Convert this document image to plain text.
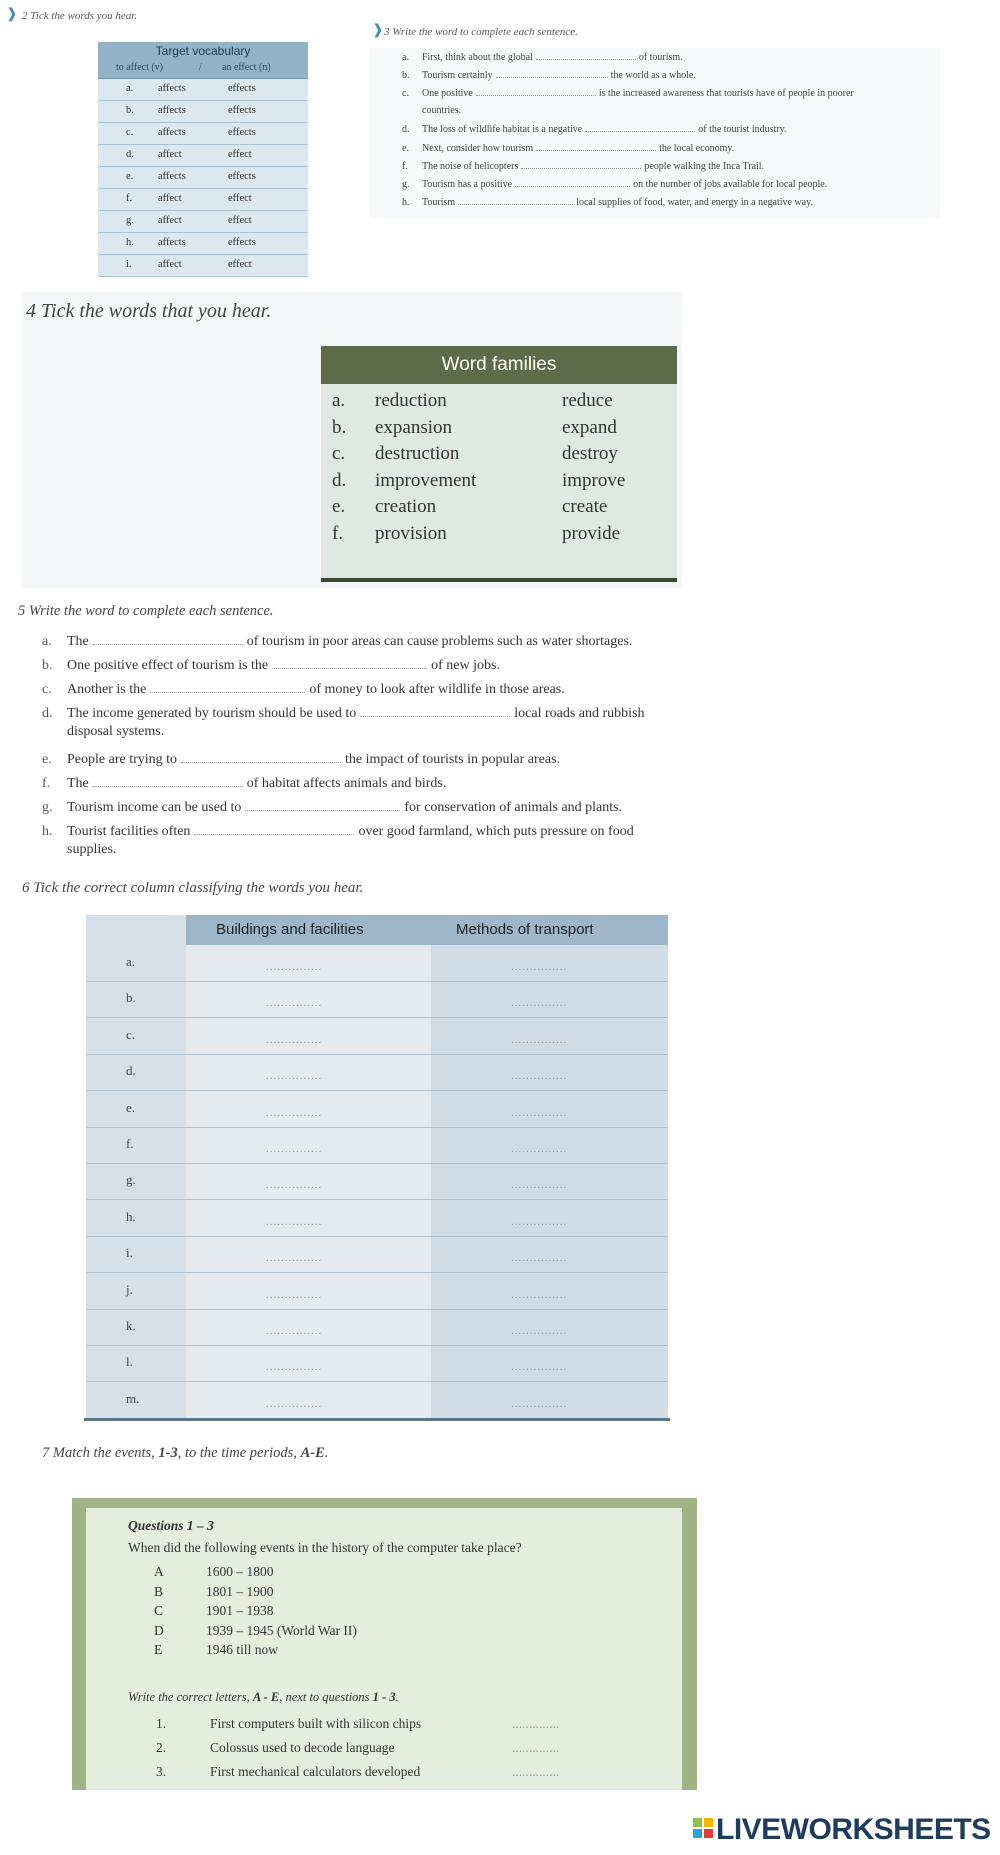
❱ 2 Tick the words you hear.
Target vocabulary
to affect (v)	/ an effect (n)
a. affects	effects
b. affects	effects
c. affects	effects
d. affect	effect
e. affects	effects
f. affect	effect
g. affect	effect
h. affects	effects
i.	affect	effect
❱ 3 Write the word to complete each sentence.
4 Tick the words that you hear.
Word families
a. reduction	reduce
b. expansion	expand
c. destruction	destroy
d. improvement	improve
e. creation	create
f. provision	provide
5 Write the word to complete each sentence.
a. The	of tourism in poor areas can cause problems such as water shortages.
b. One positive effect of tourism is the	of new jobs.
c. Another is the	of money to look after wildlife in those areas.
d. The income generated by tourism should be used to	local roads and rubbish
disposal systems.
e. People are trying to	the impact of tourists in popular areas.
f. The	of habitat affects animals and birds.
g. Tourism income can be used to	for conservation of animals and plants.
h. Tourist facilities often	over good farmland, which puts pressure on food
supplies.
6 Tick the correct column classifying the words you hear.
Buildings and facilities	Methods of transport
a.	...............	...............
b.	...............	...............
c.	...............	...............
d.	...............	...............
e.	...............	...............
f.	...............	...............
g.	...............	...............
h.	...............	...............
i.	...............	...............
j.	...............	...............
k.	...............	...............
l.	...............	...............
m.	...............	...............
7 Match the events, 1-3, to the time periods, A-E.
Questions 1 – 3
When did the following events in the history of the computer take place?
A	1600 – 1800
B	1801 – 1900
C	1901 – 1938
D	1939 – 1945 (World War II)
E	1946 till now
Write the correct letters, A - E, next to questions 1 - 3.
1.	First computers built with silicon chips	..............
2.	Colossus used to decode language	..............
3.	First mechanical calculators developed	..............
LIVEWORKSHEETS
a. First, think about the global	of tourism.
b. Tourism certainly	the world as a whole.
c. One positive	is the increased awareness that tourists have of people in poorer
countries.
d. The loss of wildlife habitat is a negative	of the tourist industry.
e. Next, consider how tourism	the local economy.
f. The noise of helicopters	people walking the Inca Trail.
g. Tourism has a positive	on the number of jobs available for local people.
h. Tourism	local supplies of food, water, and energy in a negative way.
